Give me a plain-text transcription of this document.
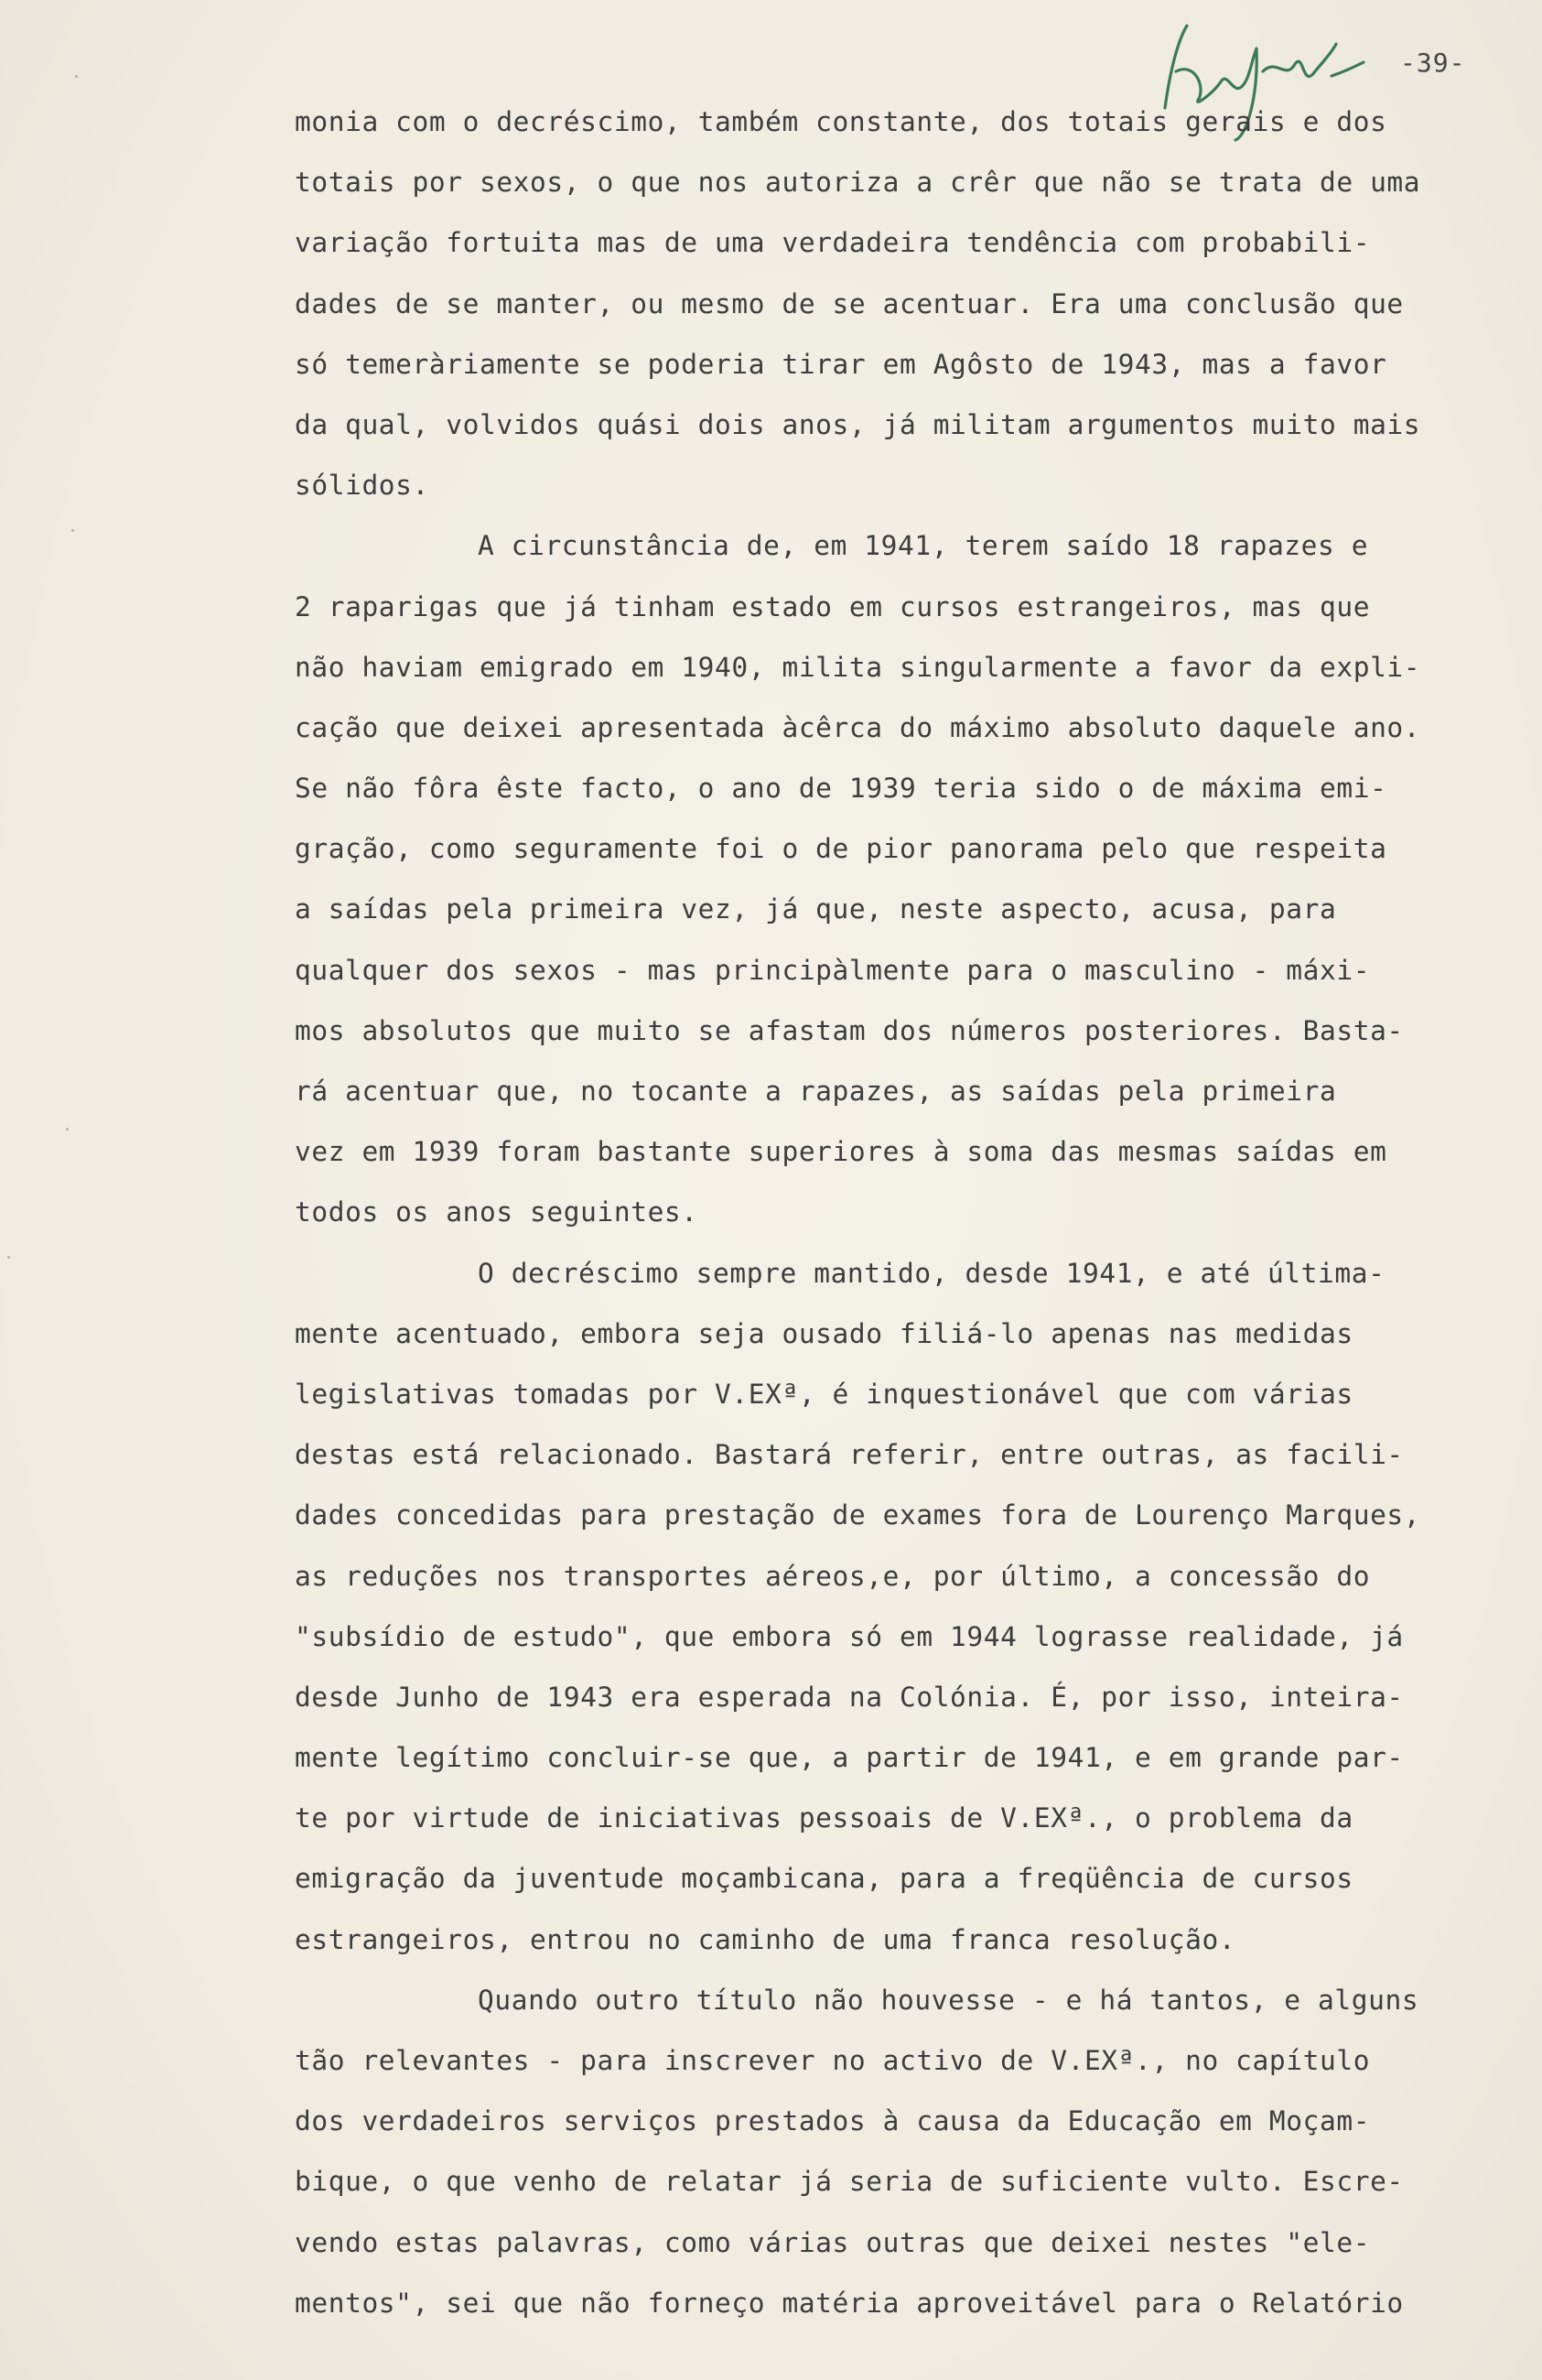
-39-
monia com o decréscimo, também constante, dos totais gerais e dos
totais por sexos, o que nos autoriza a crêr que não se trata de uma
variação fortuita mas de uma verdadeira tendência com probabili-
dades de se manter, ou mesmo de se acentuar. Era uma conclusão que
só temeràriamente se poderia tirar em Agôsto de 1943, mas a favor
da qual, volvidos quási dois anos, já militam argumentos muito mais
sólidos.
A circunstância de, em 1941, terem saído 18 rapazes e
2 raparigas que já tinham estado em cursos estrangeiros, mas que
não haviam emigrado em 1940, milita singularmente a favor da expli-
cação que deixei apresentada àcêrca do máximo absoluto daquele ano.
Se não fôra êste facto, o ano de 1939 teria sido o de máxima emi-
gração, como seguramente foi o de pior panorama pelo que respeita
a saídas pela primeira vez, já que, neste aspecto, acusa, para
qualquer dos sexos - mas principàlmente para o masculino - máxi-
mos absolutos que muito se afastam dos números posteriores. Basta-
rá acentuar que, no tocante a rapazes, as saídas pela primeira
vez em 1939 foram bastante superiores à soma das mesmas saídas em
todos os anos seguintes.
O decréscimo sempre mantido, desde 1941, e até última-
mente acentuado, embora seja ousado filiá-lo apenas nas medidas
legislativas tomadas por V.EXª, é inquestionável que com várias
destas está relacionado. Bastará referir, entre outras, as facili-
dades concedidas para prestação de exames fora de Lourenço Marques,
as reduções nos transportes aéreos,e, por último, a concessão do
"subsídio de estudo", que embora só em 1944 lograsse realidade, já
desde Junho de 1943 era esperada na Colónia. É, por isso, inteira-
mente legítimo concluir-se que, a partir de 1941, e em grande par-
te por virtude de iniciativas pessoais de V.EXª., o problema da
emigração da juventude moçambicana, para a freqüência de cursos
estrangeiros, entrou no caminho de uma franca resolução.
Quando outro título não houvesse - e há tantos, e alguns
tão relevantes - para inscrever no activo de V.EXª., no capítulo
dos verdadeiros serviços prestados à causa da Educação em Moçam-
bique, o que venho de relatar já seria de suficiente vulto. Escre-
vendo estas palavras, como várias outras que deixei nestes "ele-
mentos", sei que não forneço matéria aproveitável para o Relatório
